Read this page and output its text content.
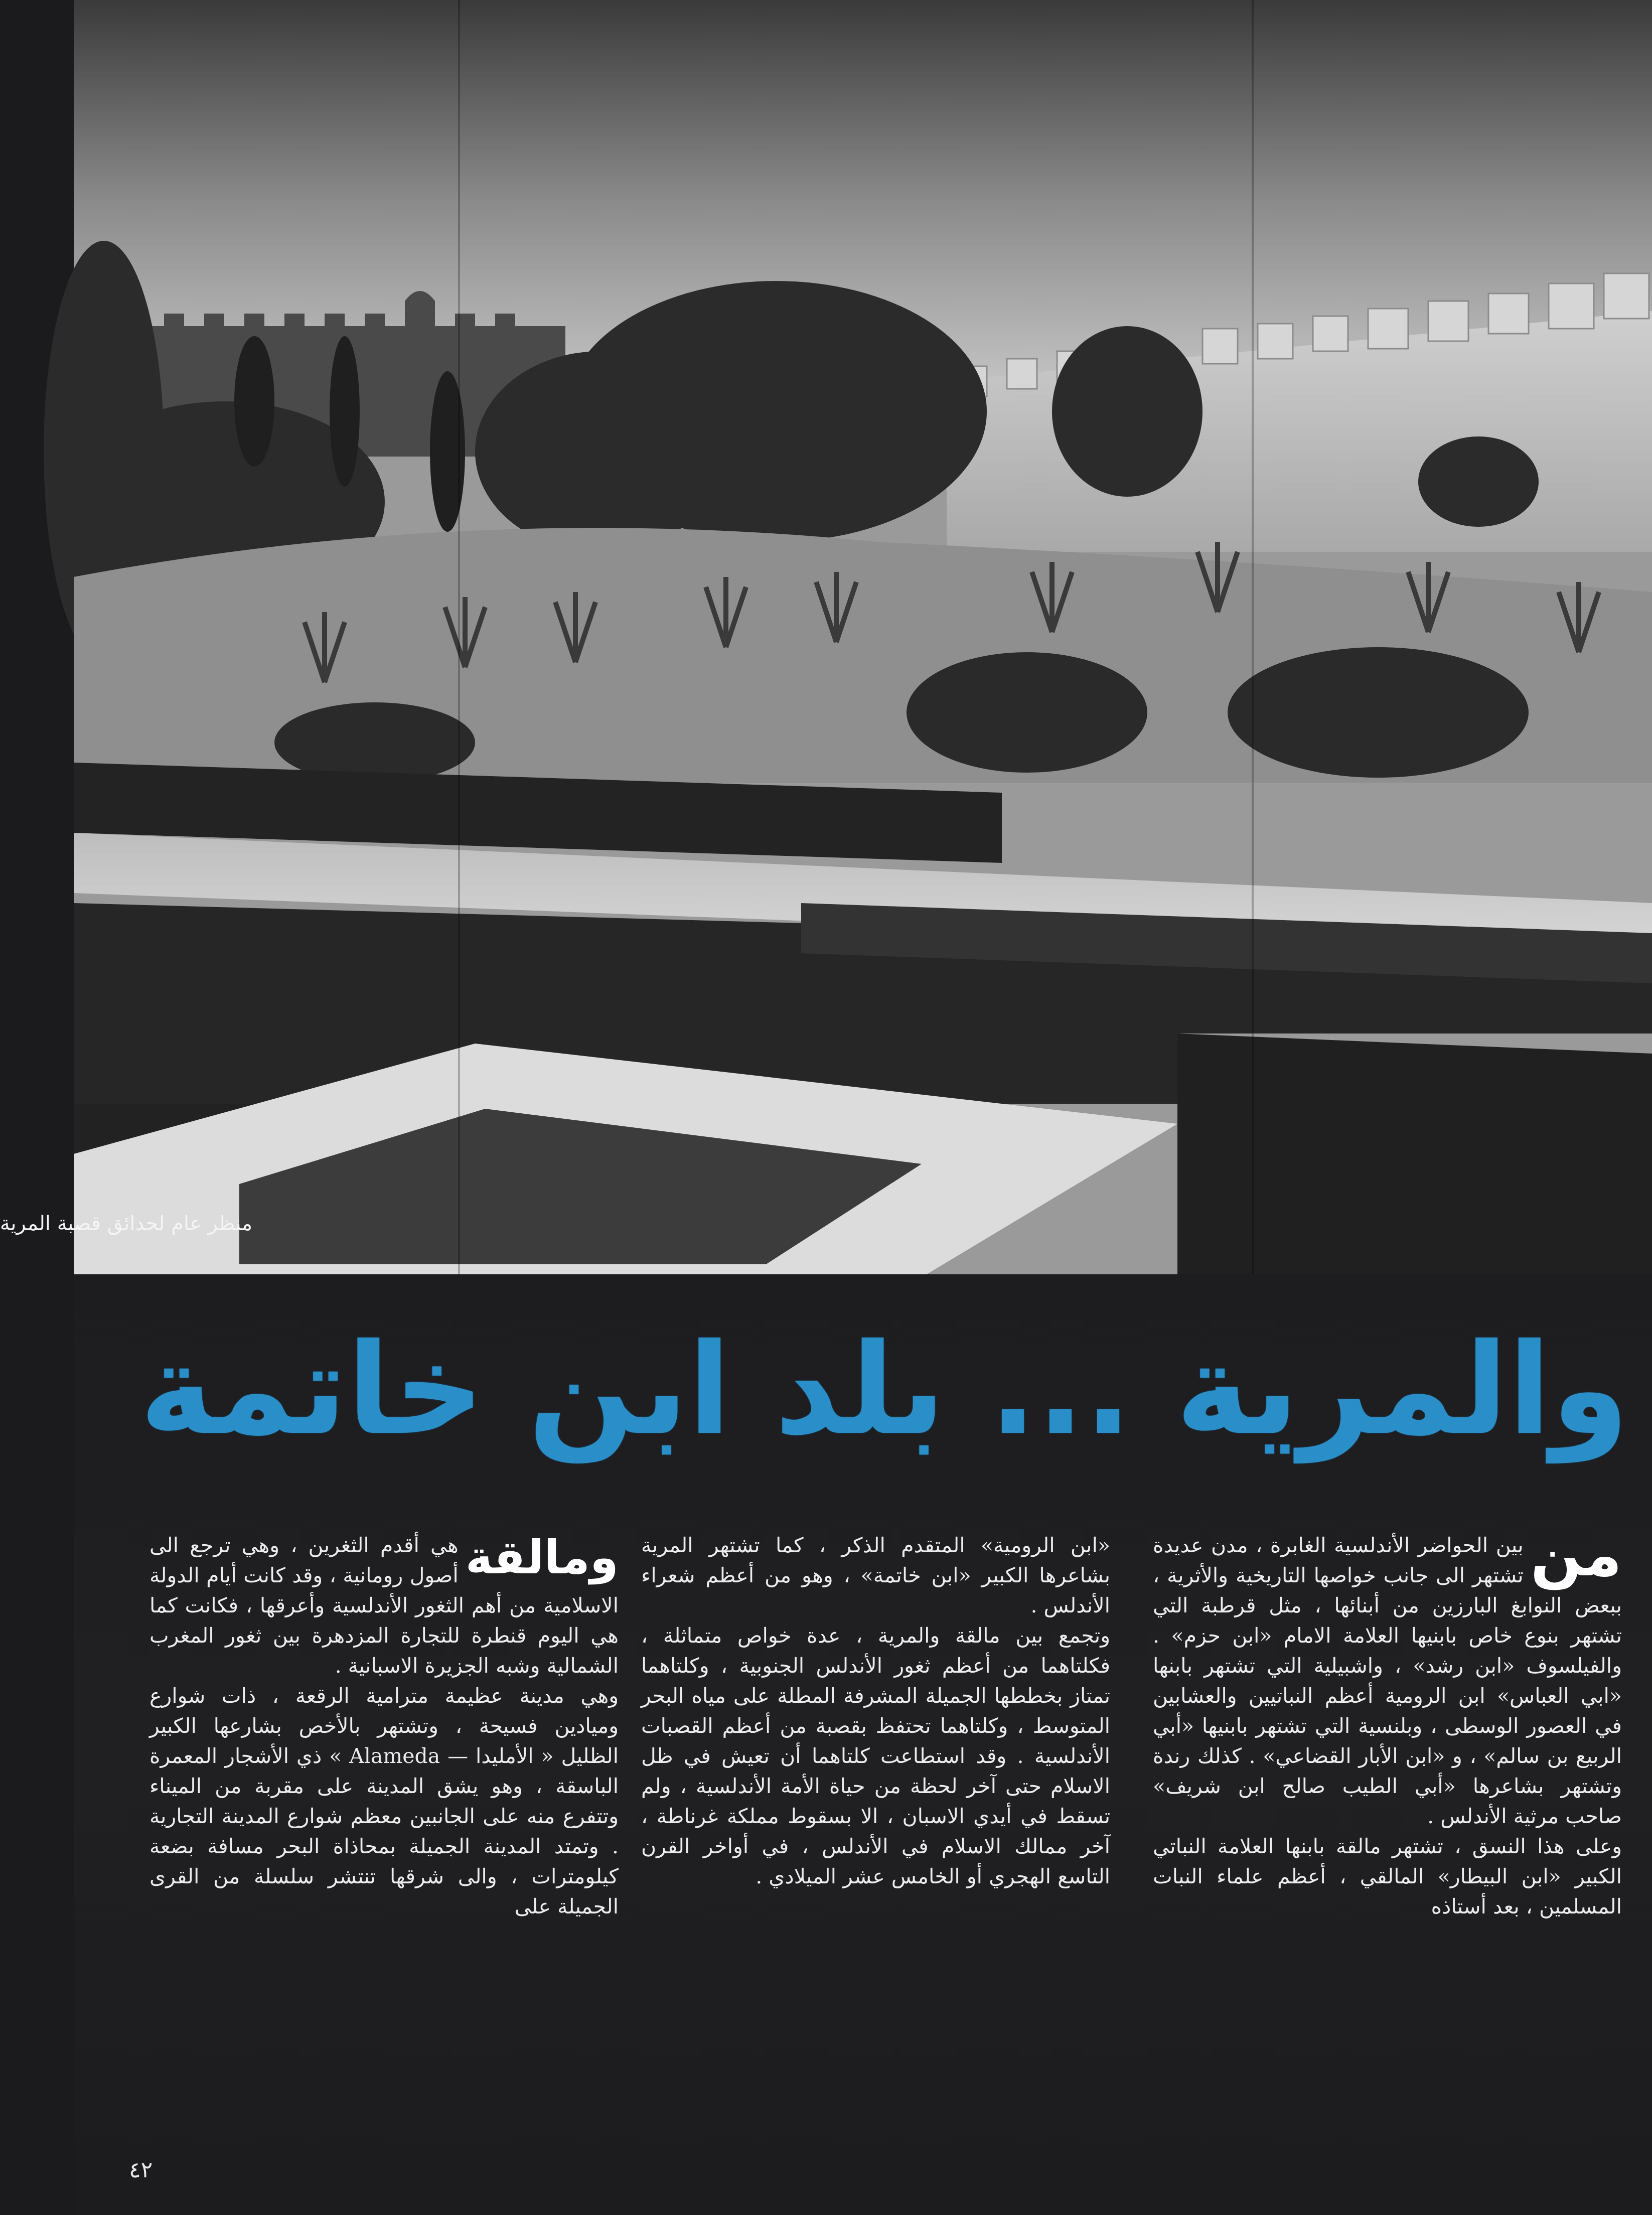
منظر عام لحدائق قصبة المرية
والمرية ... بلد ابن خاتمة

من
بين الحواضر الأندلسية الغابرة ، مدن عديدة تشتهر الى جانب خواصها التاريخية والأثرية ، ببعض النوابغ البارزين من أبنائها ، مثل قرطبة التي تشتهر بنوع خاص بابنيها العلامة الامام «ابن حزم» . والفيلسوف «ابن رشد» ، واشبيلية التي تشتهر بابنها «ابي العباس» ابن الرومية أعظم النباتيين والعشابين في العصور الوسطى ، وبلنسية التي تشتهر بابنيها «أبي الربيع بن سالم» ، و «ابن الأبار القضاعي» . كذلك رندة وتشتهر بشاعرها «أبي الطيب صالح ابن شريف» صاحب مرثية الأندلس .

وعلى هذا النسق ، تشتهر مالقة بابنها العلامة النباتي الكبير «ابن البيطار» المالقي ، أعظم علماء النبات المسلمين ، بعد أستاذه

«ابن الرومية» المتقدم الذكر ، كما تشتهر المرية بشاعرها الكبير «ابن خاتمة» ، وهو من أعظم شعراء الأندلس .

وتجمع بين مالقة والمرية ، عدة خواص متماثلة ، فكلتاهما من أعظم ثغور الأندلس الجنوبية ، وكلتاهما تمتاز بخططها الجميلة المشرفة المطلة على مياه البحر المتوسط ، وكلتاهما تحتفظ بقصبة من أعظم القصبات الأندلسية . وقد استطاعت كلتاهما أن تعيش في ظل الاسلام حتى آخر لحظة من حياة الأمة الأندلسية ، ولم تسقط في أيدي الاسبان ، الا بسقوط مملكة غرناطة ، آخر ممالك الاسلام في الأندلس ، في أواخر القرن التاسع الهجري أو الخامس عشر الميلادي .

ومالقة
هي أقدم الثغرين ، وهي ترجع الى أصول رومانية ، وقد كانت أيام الدولة الاسلامية من أهم الثغور الأندلسية وأعرقها ، فكانت كما هي اليوم قنطرة للتجارة المزدهرة بين ثغور المغرب الشمالية وشبه الجزيرة الاسبانية .

وهي مدينة عظيمة مترامية الرقعة ، ذات شوارع وميادين فسيحة ، وتشتهر بالأخص بشارعها الكبير الظليل « الأمليدا — Alameda » ذي الأشجار المعمرة الباسقة ، وهو يشق المدينة على مقربة من الميناء وتتفرع منه على الجانبين معظم شوارع المدينة التجارية . وتمتد المدينة الجميلة بمحاذاة البحر مسافة بضعة كيلومترات ، والى شرقها تنتشر سلسلة من القرى الجميلة على

٤٢
